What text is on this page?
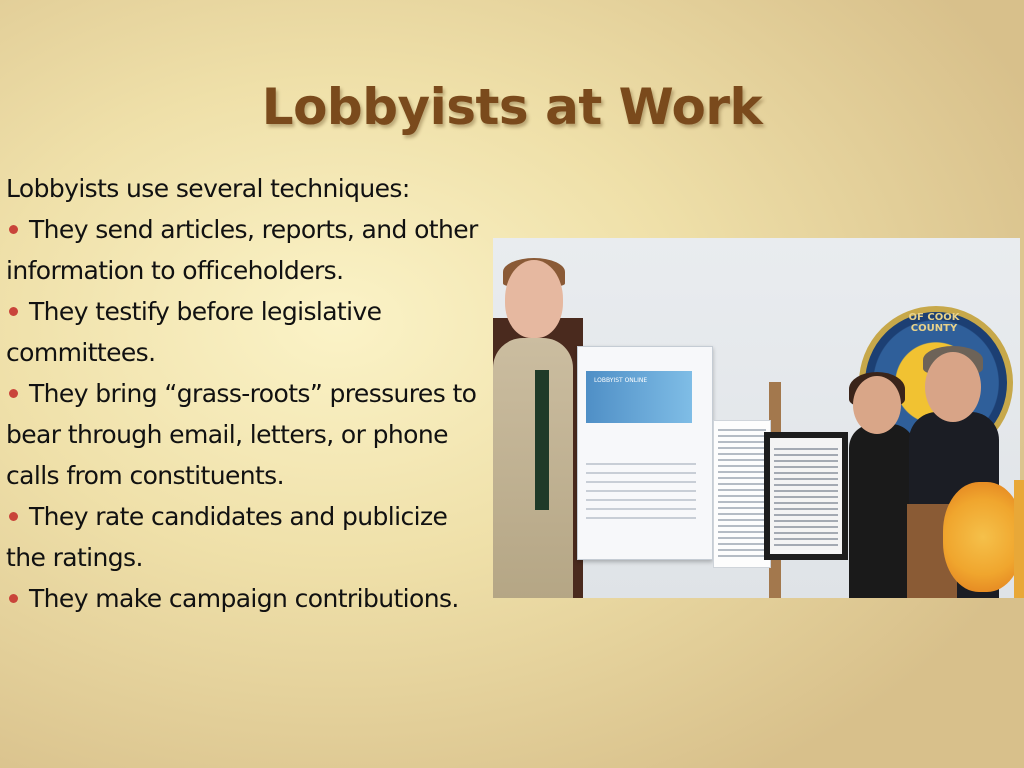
Lobbyists at Work

Lobbyists use several techniques:

They send articles, reports, and other information to officeholders.

They testify before legislative committees.

They bring “grass-roots” pressures to bear through email, letters, or phone calls from constituents.

They rate candidates and publicize the ratings.

They make campaign contributions.

OF COOK COUNTY
LOBBYIST ONLINE
